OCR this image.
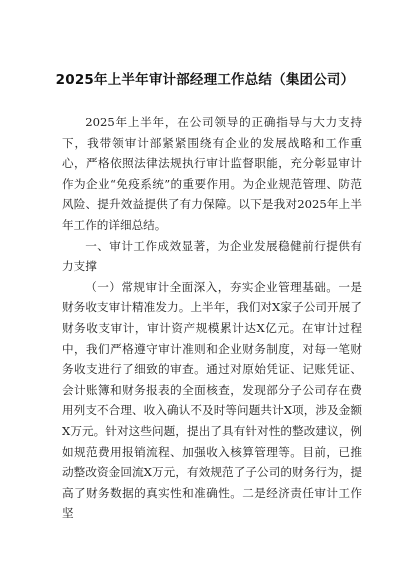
2025年上半年审计部经理工作总结（集团公司）

2025年上半年，在公司领导的正确指导与大力支持下，我带领审计部紧紧围绕有企业的发展战略和工作重心，严格依照法律法规执行审计监督职能，充分彰显审计作为企业“免疫系统”的重要作用。为企业规范管理、防范风险、提升效益提供了有力保障。以下是我对2025年上半年工作的详细总结。

一、审计工作成效显著，为企业发展稳健前行提供有力支撑

（一）常规审计全面深入，夯实企业管理基础。一是财务收支审计精准发力。上半年，我们对X家子公司开展了财务收支审计，审计资产规模累计达X亿元。在审计过程中，我们严格遵守审计准则和企业财务制度，对每一笔财务收支进行了细致的审查。通过对原始凭证、记账凭证、会计账簿和财务报表的全面核查，发现部分子公司存在费用列支不合理、收入确认不及时等问题共计X项，涉及金额X万元。针对这些问题，提出了具有针对性的整改建议，例如规范费用报销流程、加强收入核算管理等。目前，已推动整改资金回流X万元，有效规范了子公司的财务行为，提高了财务数据的真实性和准确性。二是经济责任审计工作坚
